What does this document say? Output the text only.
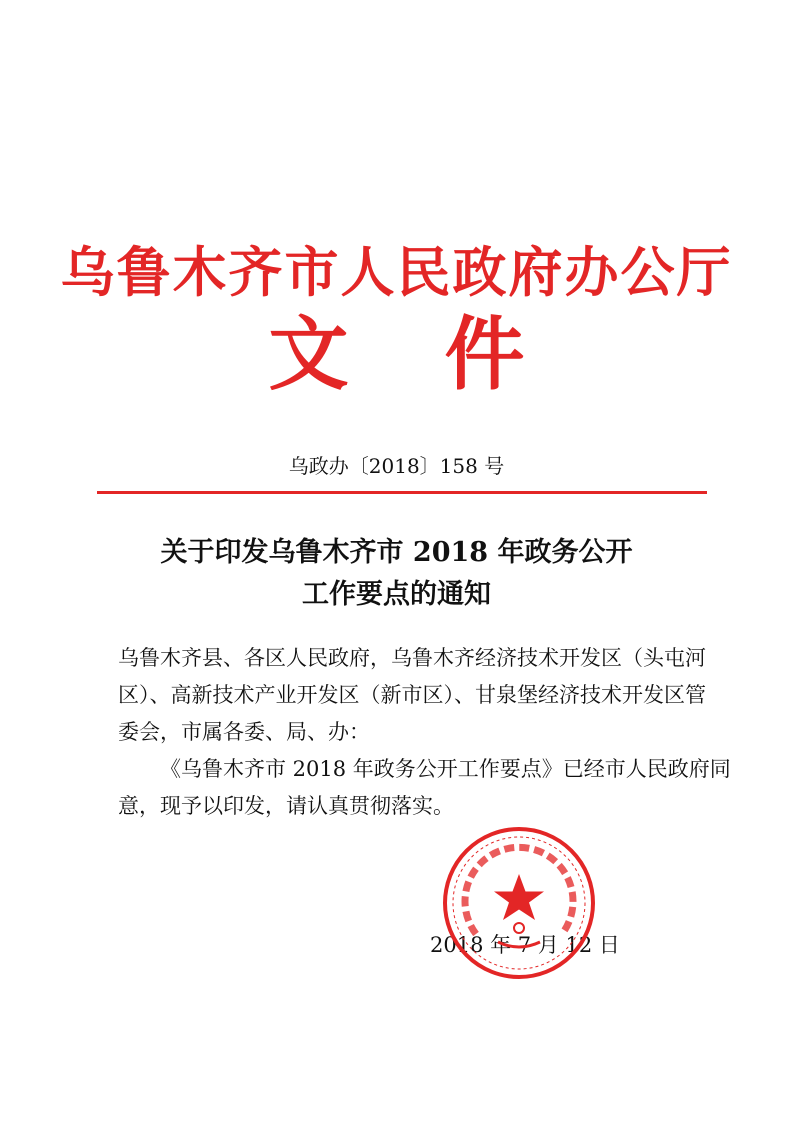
乌鲁木齐市人民政府办公厅
文 件
乌政办〔2018〕158 号
关于印发乌鲁木齐市 2018 年政务公开
工作要点的通知

乌鲁木齐县、各区人民政府，乌鲁木齐经济技术开发区（头屯河
区）、高新技术产业开发区（新市区）、甘泉堡经济技术开发区管
委会，市属各委、局、办：

《乌鲁木齐市 2018 年政务公开工作要点》已经市人民政府同
意，现予以印发，请认真贯彻落实。

2018 年 7 月 12 日
